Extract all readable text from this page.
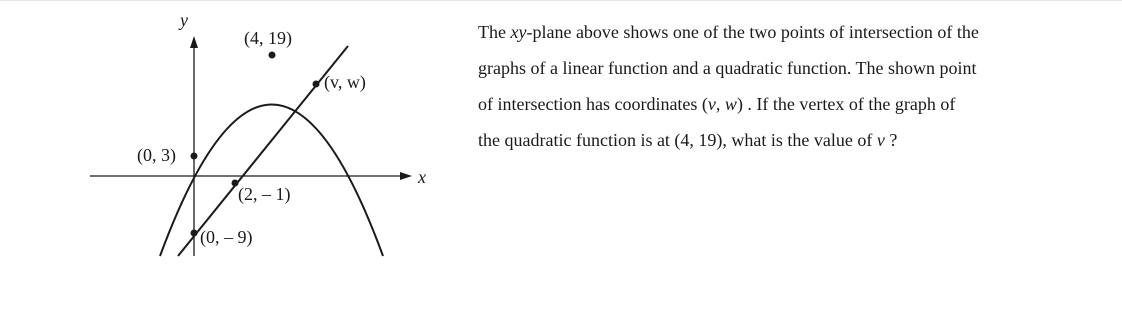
x
y
(4, 19)
(v, w)
(0, 3)
(2, – 1)
(0, – 9)

The xy-plane above shows one of the two points of intersection of the

graphs of a linear function and a quadratic function. The shown point

of intersection has coordinates (v, w) . If the vertex of the graph of

the quadratic function is at (4, 19), what is the value of v ?
